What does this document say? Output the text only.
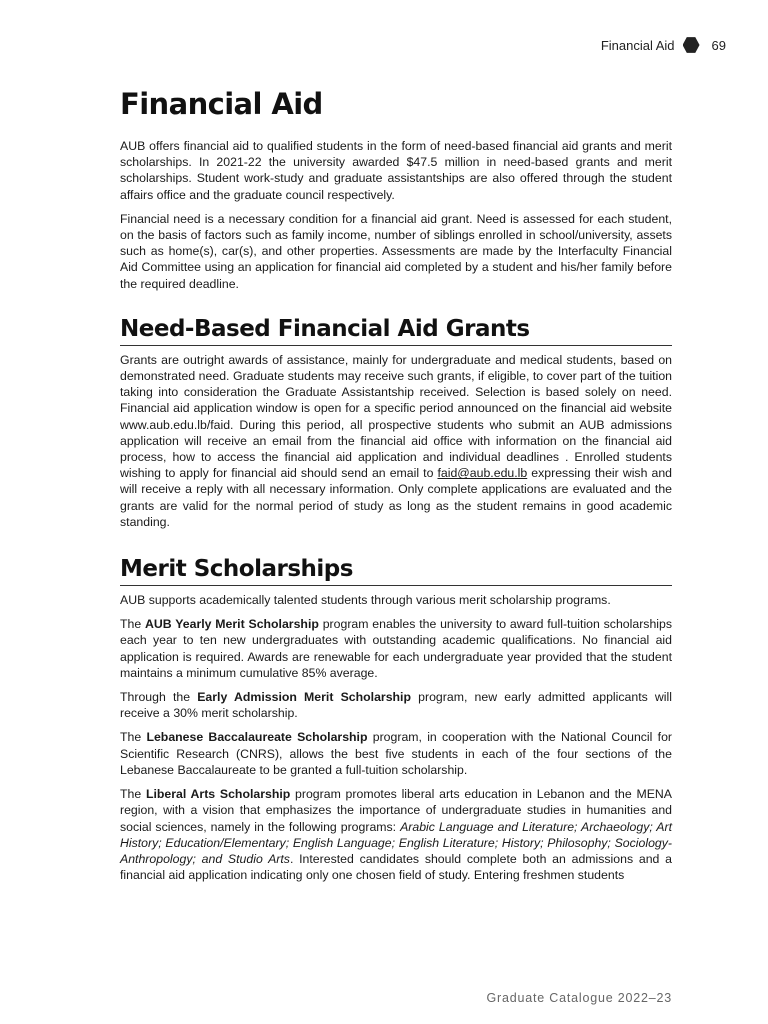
Financial Aid	69
Financial Aid

AUB offers financial aid to qualified students in the form of need-based financial aid grants and merit scholarships. In 2021-22 the university awarded $47.5 million in need-based grants and merit scholarships. Student work-study and graduate assistantships are also offered through the student affairs office and the graduate council respectively.

Financial need is a necessary condition for a financial aid grant. Need is assessed for each student, on the basis of factors such as family income, number of siblings enrolled in school/university, assets such as home(s), car(s), and other properties. Assessments are made by the Interfaculty Financial Aid Committee using an application for financial aid completed by a student and his/her family before the required deadline.

Need-Based Financial Aid Grants

Grants are outright awards of assistance, mainly for undergraduate and medical students, based on demonstrated need. Graduate students may receive such grants, if eligible, to cover part of the tuition taking into consideration the Graduate Assistantship received. Selection is based solely on need. Financial aid application window is open for a specific period announced on the financial aid website www.aub.edu.lb/faid. During this period, all prospective students who submit an AUB admissions application will receive an email from the financial aid office with information on the financial aid process, how to access the financial aid application and individual deadlines . Enrolled students wishing to apply for financial aid should send an email to faid@aub.edu.lb expressing their wish and will receive a reply with all necessary information. Only complete applications are evaluated and the grants are valid for the normal period of study as long as the student remains in good academic standing.

Merit Scholarships

AUB supports academically talented students through various merit scholarship programs.

The AUB Yearly Merit Scholarship program enables the university to award full-tuition scholarships each year to ten new undergraduates with outstanding academic qualifications. No financial aid application is required. Awards are renewable for each undergraduate year provided that the student maintains a minimum cumulative 85% average.

Through the Early Admission Merit Scholarship program, new early admitted applicants will receive a 30% merit scholarship.

The Lebanese Baccalaureate Scholarship program, in cooperation with the National Council for Scientific Research (CNRS), allows the best five students in each of the four sections of the Lebanese Baccalaureate to be granted a full-tuition scholarship.

The Liberal Arts Scholarship program promotes liberal arts education in Lebanon and the MENA region, with a vision that emphasizes the importance of undergraduate studies in humanities and social sciences, namely in the following programs: Arabic Language and Literature; Archaeology; Art History; Education/Elementary; English Language; English Literature; History; Philosophy; Sociology-Anthropology; and Studio Arts. Interested candidates should complete both an admissions and a financial aid application indicating only one chosen field of study. Entering freshmen students

Graduate Catalogue 2022–23
